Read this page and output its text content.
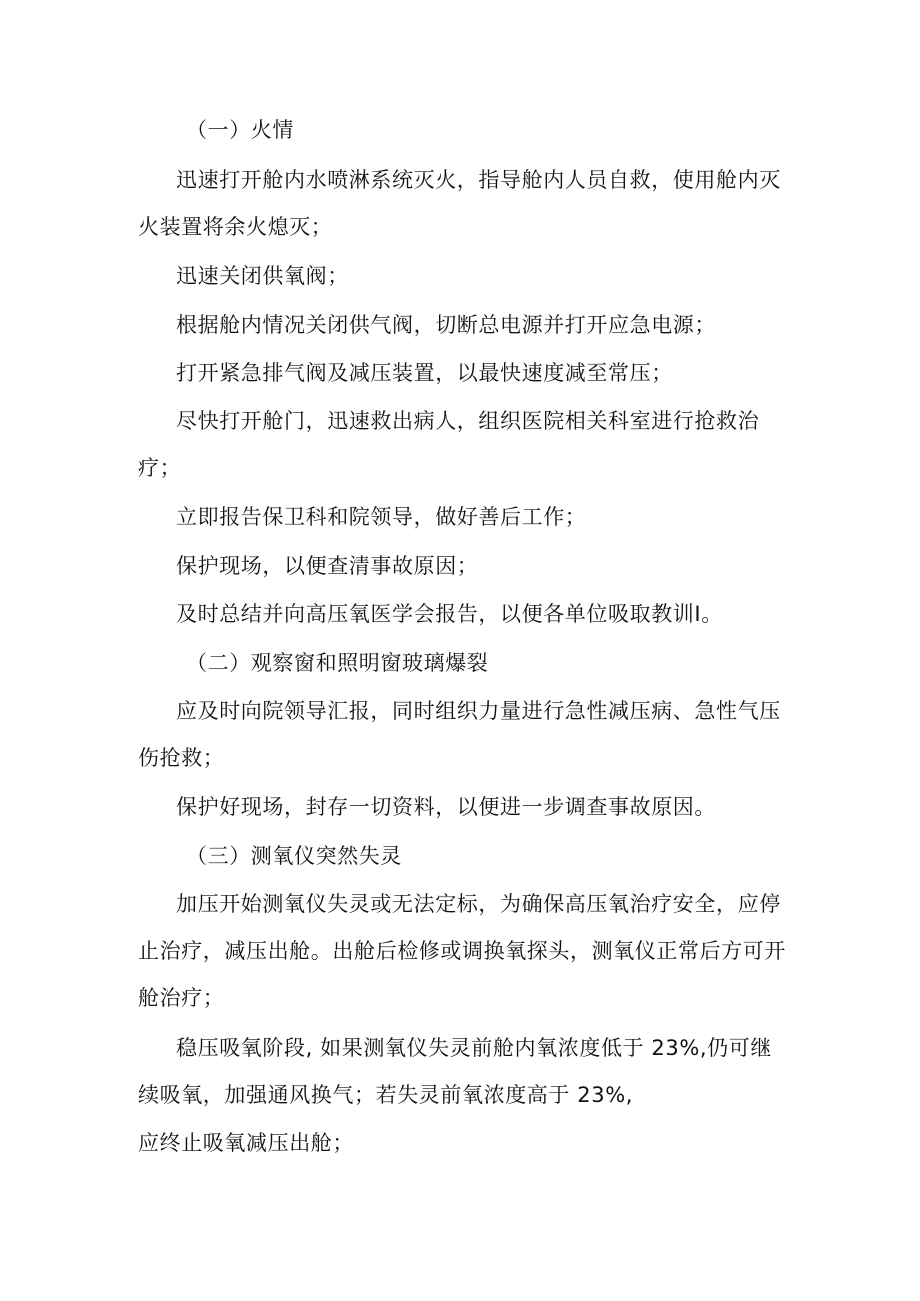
（一）火情

迅速打开舱内水喷淋系统灭火，指导舱内人员自救，使用舱内灭火装置将余火熄灭；

迅速关闭供氧阀；

根据舱内情况关闭供气阀，切断总电源并打开应急电源；

打开紧急排气阀及减压装置，以最快速度减至常压；

尽快打开舱门，迅速救出病人，组织医院相关科室进行抢救治疗；

立即报告保卫科和院领导，做好善后工作；

保护现场，以便查清事故原因；

及时总结并向高压氧医学会报告，以便各单位吸取教训I。

（二）观察窗和照明窗玻璃爆裂

应及时向院领导汇报，同时组织力量进行急性减压病、急性气压伤抢救；

保护好现场，封存一切资料，以便进一步调查事故原因。

（三）测氧仪突然失灵

加压开始测氧仪失灵或无法定标，为确保高压氧治疗安全，应停止治疗，减压出舱。出舱后检修或调换氧探头，测氧仪正常后方可开舱治疗；

稳压吸氧阶段, 如果测氧仪失灵前舱内氧浓度低于 23%,仍可继续吸氧，加强通风换气；若失灵前氧浓度高于 23%,

应终止吸氧减压出舱；
